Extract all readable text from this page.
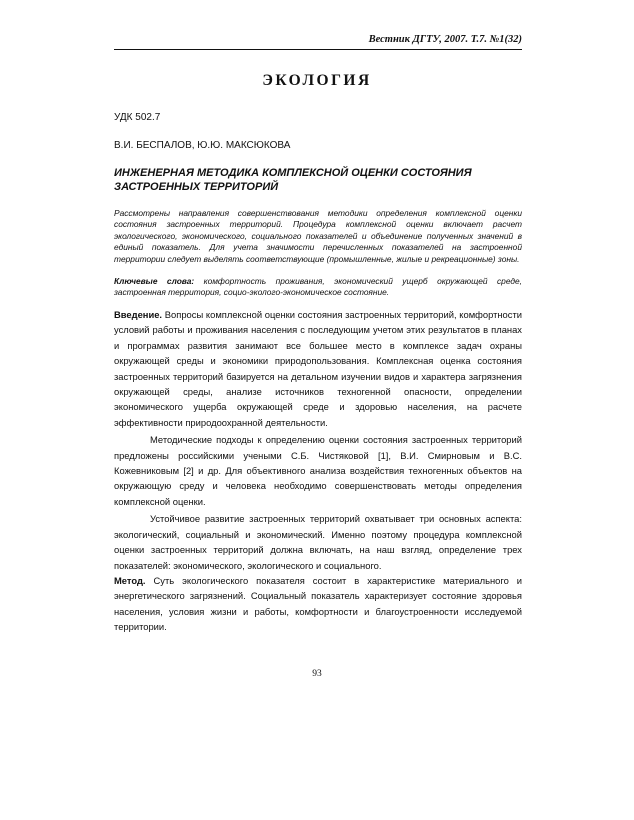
Вестник ДГТУ, 2007. Т.7. №1(32)
ЭКОЛОГИЯ
УДК 502.7
В.И. БЕСПАЛОВ, Ю.Ю. МАКСЮКОВА
ИНЖЕНЕРНАЯ МЕТОДИКА КОМПЛЕКСНОЙ ОЦЕНКИ СОСТОЯНИЯ ЗАСТРОЕННЫХ ТЕРРИТОРИЙ
Рассмотрены направления совершенствования методики определения комплексной оценки состояния застроенных территорий. Процедура комплексной оценки включает расчет экологического, экономического, социального показателей и объединение полученных значений в единый показатель. Для учета значимости перечисленных показателей на застроенной территории следует выделять соответствующие (промышленные, жилые и рекреационные) зоны.
Ключевые слова: комфортность проживания, экономический ущерб окружающей среде, застроенная территория, социо-эколого-экономическое состояние.

Введение. Вопросы комплексной оценки состояния застроенных территорий, комфортности условий работы и проживания населения с последующим учетом этих результатов в планах и программах развития занимают все большее место в комплексе задач охраны окружающей среды и экономики природопользования. Комплексная оценка состояния застроенных территорий базируется на детальном изучении видов и характера загрязнения окружающей среды, анализе источников техногенной опасности, определении экономического ущерба окружающей среде и здоровью населения, на расчете эффективности природоохранной деятельности.

Методические подходы к определению оценки состояния застроенных территорий предложены российскими учеными С.Б. Чистяковой [1], В.И. Смирновым и В.С. Кожевниковым [2] и др. Для объективного анализа воздействия техногенных объектов на окружающую среду и человека необходимо совершенствовать методы определения комплексной оценки.

Устойчивое развитие застроенных территорий охватывает три основных аспекта: экологический, социальный и экономический. Именно поэтому процедура комплексной оценки застроенных территорий должна включать, на наш взгляд, определение трех показателей: экономического, экологического и социального.

Метод. Суть экологического показателя состоит в характеристике материального и энергетического загрязнений. Социальный показатель характеризует состояние здоровья населения, условия жизни и работы, комфортности и благоустроенности исследуемой территории.

93
